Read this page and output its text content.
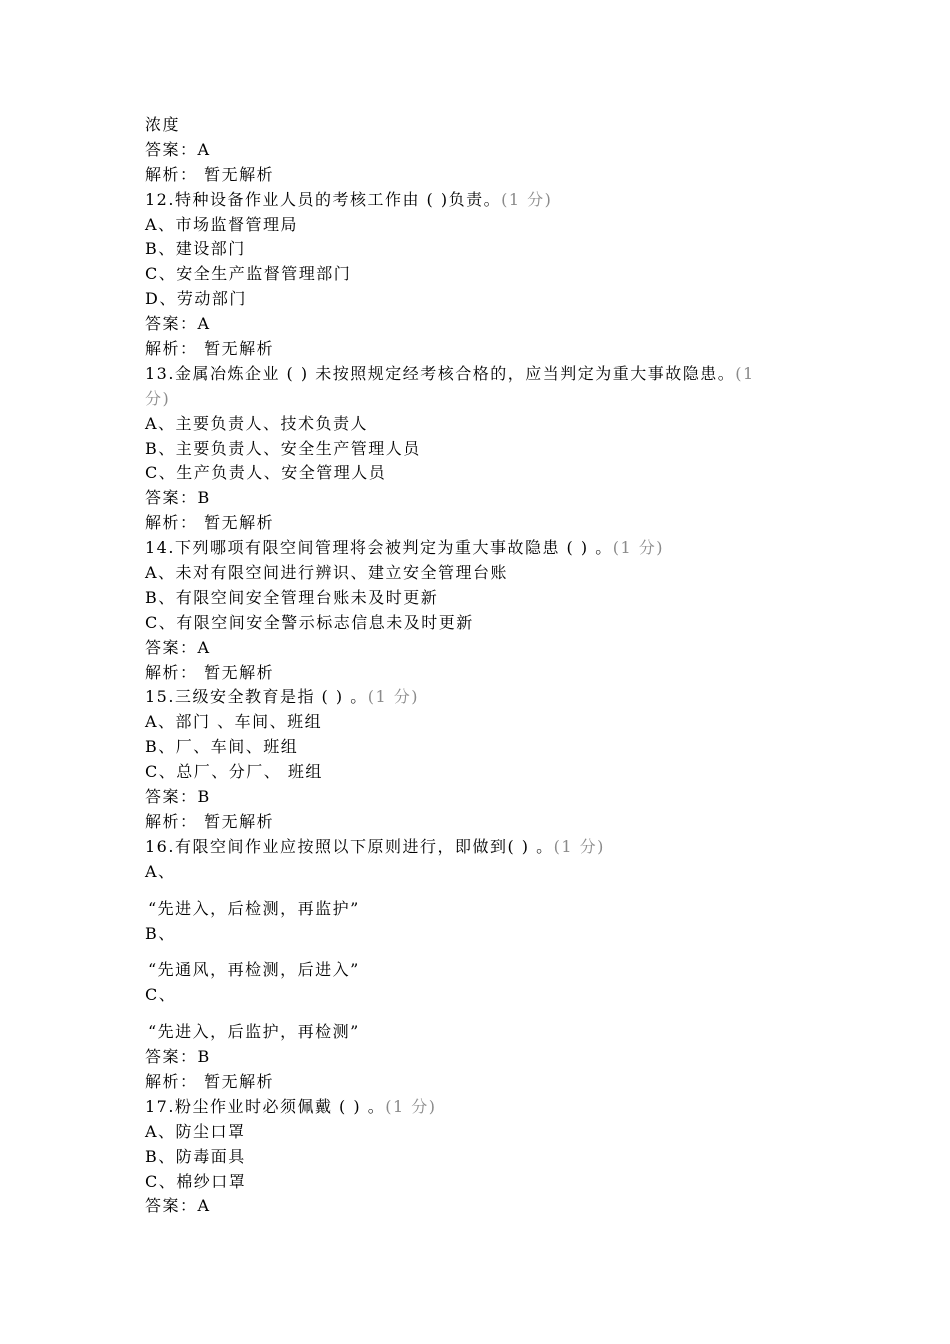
浓度
答案：A
解析： 暂无解析
12.特种设备作业人员的考核工作由 ( )负责。(1 分)
A、市场监督管理局
B、建设部门
C、安全生产监督管理部门
D、劳动部门
答案：A
解析： 暂无解析
13.金属冶炼企业 ( ) 未按照规定经考核合格的，应当判定为重大事故隐患。(1
分)
A、主要负责人、技术负责人
B、主要负责人、安全生产管理人员
C、生产负责人、安全管理人员
答案：B
解析： 暂无解析
14.下列哪项有限空间管理将会被判定为重大事故隐患 ( ) 。(1 分)
A、未对有限空间进行辨识、建立安全管理台账
B、有限空间安全管理台账未及时更新
C、有限空间安全警示标志信息未及时更新
答案：A
解析： 暂无解析
15.三级安全教育是指 ( ) 。(1 分)
A、部门 、车间、班组
B、厂、车间、班组
C、总厂、分厂、 班组
答案：B
解析： 暂无解析
16.有限空间作业应按照以下原则进行，即做到( ) 。(1 分)
A、
“先进入，后检测，再监护”
B、
“先通风，再检测，后进入”
C、
“先进入，后监护，再检测”
答案：B
解析： 暂无解析
17.粉尘作业时必须佩戴 ( ) 。(1 分)
A、防尘口罩
B、防毒面具
C、棉纱口罩
答案：A
